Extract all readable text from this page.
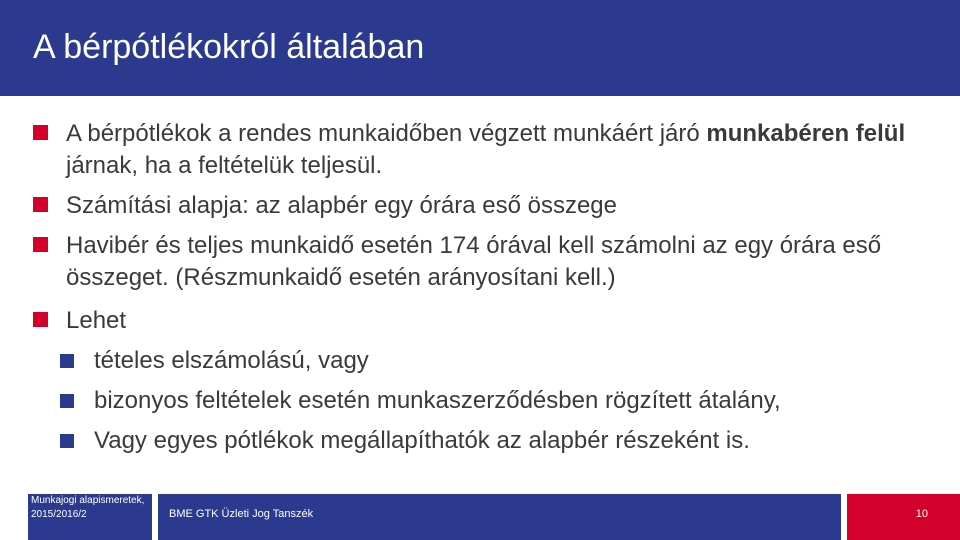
A bérpótlékokról általában
A bérpótlékok a rendes munkaidőben végzett munkáért járó munkabéren felül járnak, ha a feltételük teljesül.
Számítási alapja: az alapbér egy órára eső összege
Havibér és teljes munkaidő esetén 174 órával kell számolni az egy órára eső összeget. (Részmunkaidő esetén arányosítani kell.)
Lehet
tételes elszámolású, vagy
bizonyos feltételek esetén munkaszerződésben rögzített átalány,
Vagy egyes pótlékok megállapíthatók az alapbér részeként is.
Munkajogi alapismeretek, 2015/2016/2	BME GTK Üzleti Jog Tanszék	10
